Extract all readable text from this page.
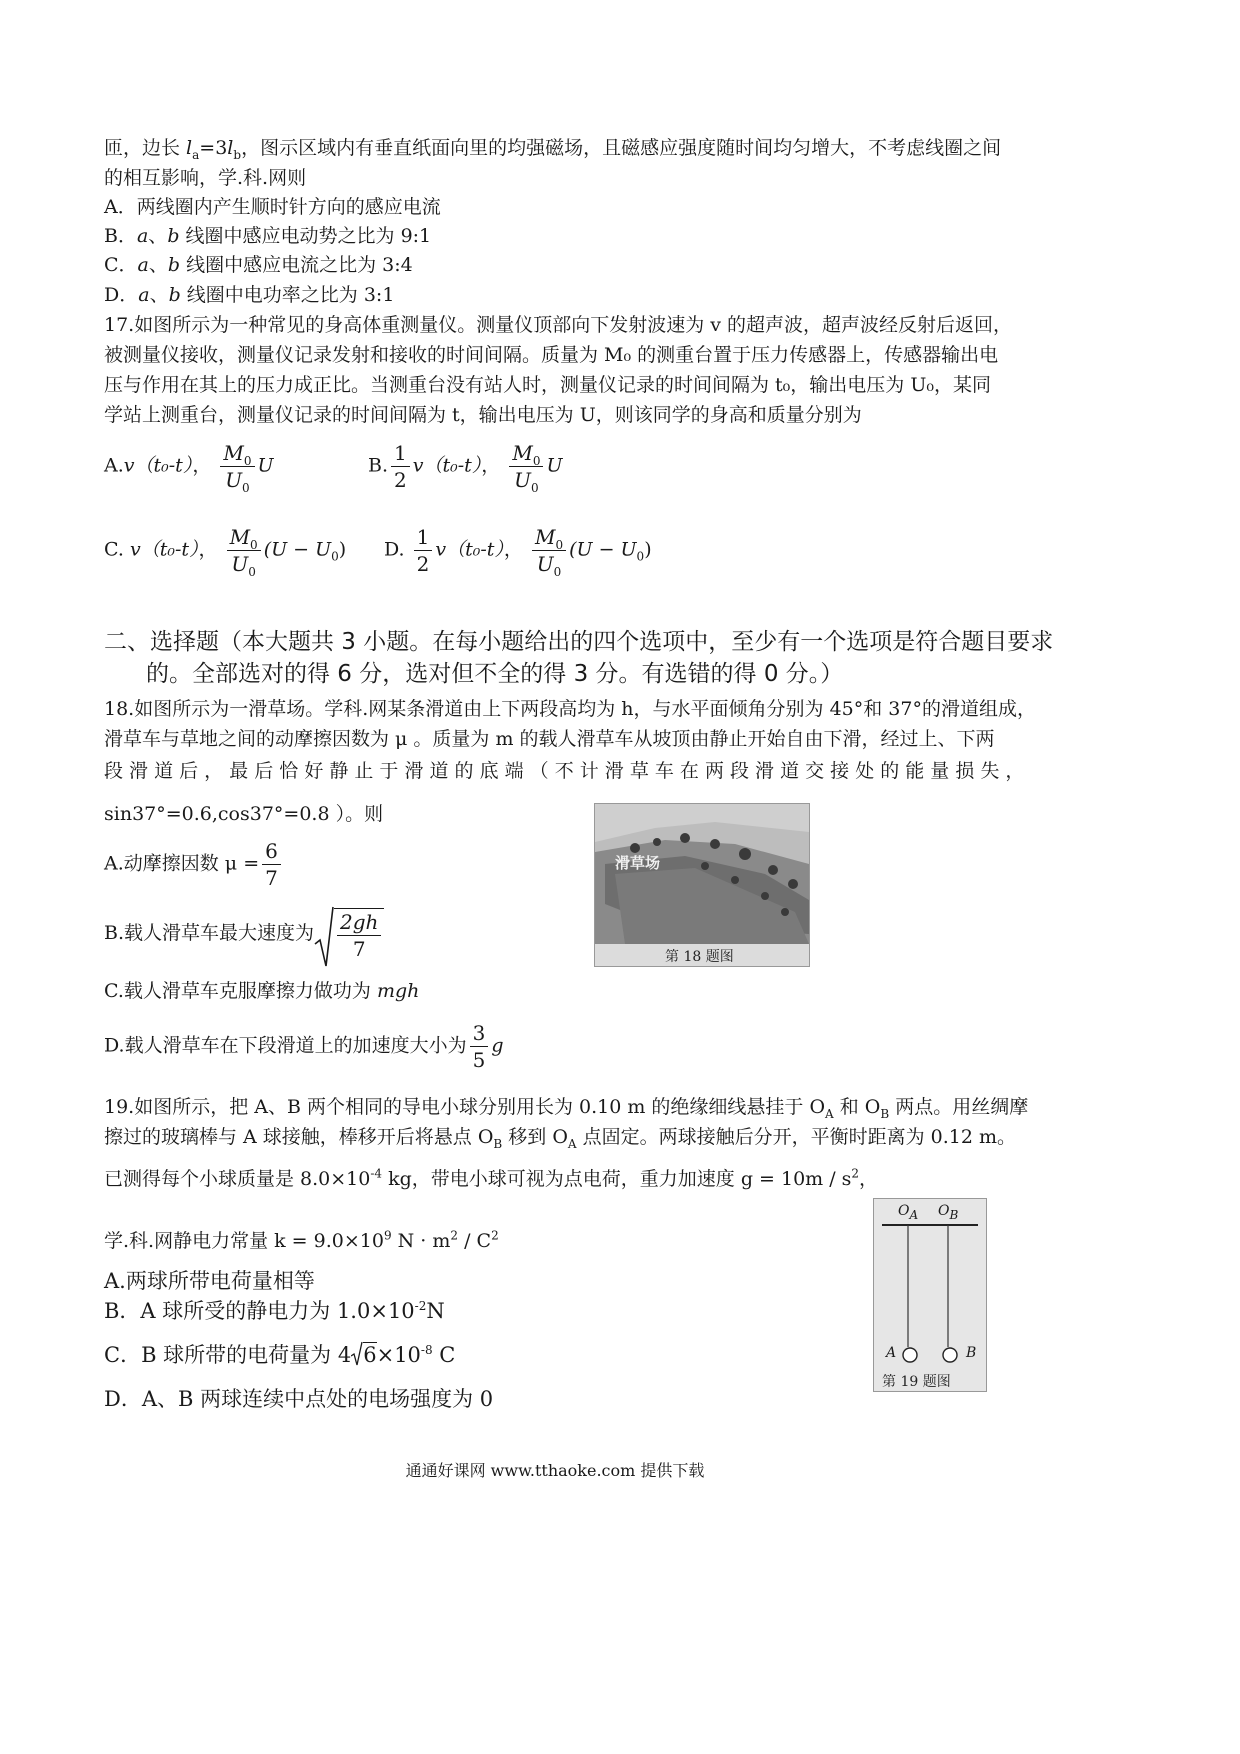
匝，边长 $l_a=3l_b$，图示区域内有垂直纸面向里的均强磁场，且磁感应强度随时间均匀增大，不考虑线圈之间
的相互影响，学.科.网则
A．两线圈内产生顺时针方向的感应电流
B．a、b 线圈中感应电动势之比为 9:1
C．a、b 线圈中感应电流之比为 3:4
D．a、b 线圈中电功率之比为 3:1
17.如图所示为一种常见的身高体重测量仪。测量仪顶部向下发射波速为 v 的超声波，超声波经反射后返回，
被测量仪接收，测量仪记录发射和接收的时间间隔。质量为 M₀ 的测重台置于压力传感器上，传感器输出电
压与作用在其上的压力成正比。当测重台没有站人时，测量仪记录的时间间隔为 t₀，输出电压为 U₀，某同
学站上测重台，测量仪记录的时间间隔为 t，输出电压为 U，则该同学的身高和质量分别为
A.v（t₀-t）， $\frac{M_0}{U_0}$ U	B. $\frac{1}{2} v(t_0-t)$， $\frac{M_0}{U_0}$ U
C. v（t₀-t）， $\frac{M_0}{U_0} (U - U_0)$ D. $\frac{1}{2} v(t_0-t)$， $\frac{M_0}{U_0} (U - U_0)$
二、选择题（本大题共 3 小题。在每小题给出的四个选项中，至少有一个选项是符合题目要求
的。全部选对的得 6 分，选对但不全的得 3 分。有选错的得 0 分。）
18.如图所示为一滑草场。学科.网某条滑道由上下两段高均为 h，与水平面倾角分别为 45°和 37°的滑道组成，
滑草车与草地之间的动摩擦因数为 μ 。质量为 m 的载人滑草车从坡顶由静止开始自由下滑，经过上、下两
段 滑 道 后 ， 最 后 恰 好 静 止 于 滑 道 的 底 端 （ 不 计 滑 草 车 在 两 段 滑 道 交 接 处 的 能 量 损 失 ，
sin37°=0.6,cos37°=0.8 ）。则
A.动摩擦因数 $\mu = \frac{6}{7}$
B.载人滑草车最大速度为 $\frac{2gh}{7}$
C.载人滑草车克服摩擦力做功为 mgh
D.载人滑草车在下段滑道上的加速度大小为 $\frac{3}{5}$ g
滑草场
第 18 题图
19.如图所示，把 A、B 两个相同的导电小球分别用长为 0.10 m 的绝缘细线悬挂于 $O_A$ 和 $O_B$ 两点。用丝绸摩
擦过的玻璃棒与 A 球接触，棒移开后将悬点 $O_B$ 移到 $O_A$ 点固定。两球接触后分开，平衡时距离为 0.12 m。
已测得每个小球质量是 $8.0\times 10^{-4}$ kg，带电小球可视为点电荷，重力加速度 $g = 10m / s^2$，
学.科.网静电力常量 $k = 9.0\times 10^9$ $N \cdot m^2 / C^2$
A.两球所带电荷量相等
B．A 球所受的静电力为 $1.0\times 10^{-2}N$
C．B 球所带的电荷量为 4 $6\times 10^{-8}$ C
D．A、B 两球连续中点处的电场强度为 0
$O_A$ $O_B$
A	B
第 19 题图
通通好课网 www.tthaoke.com 提供下载
